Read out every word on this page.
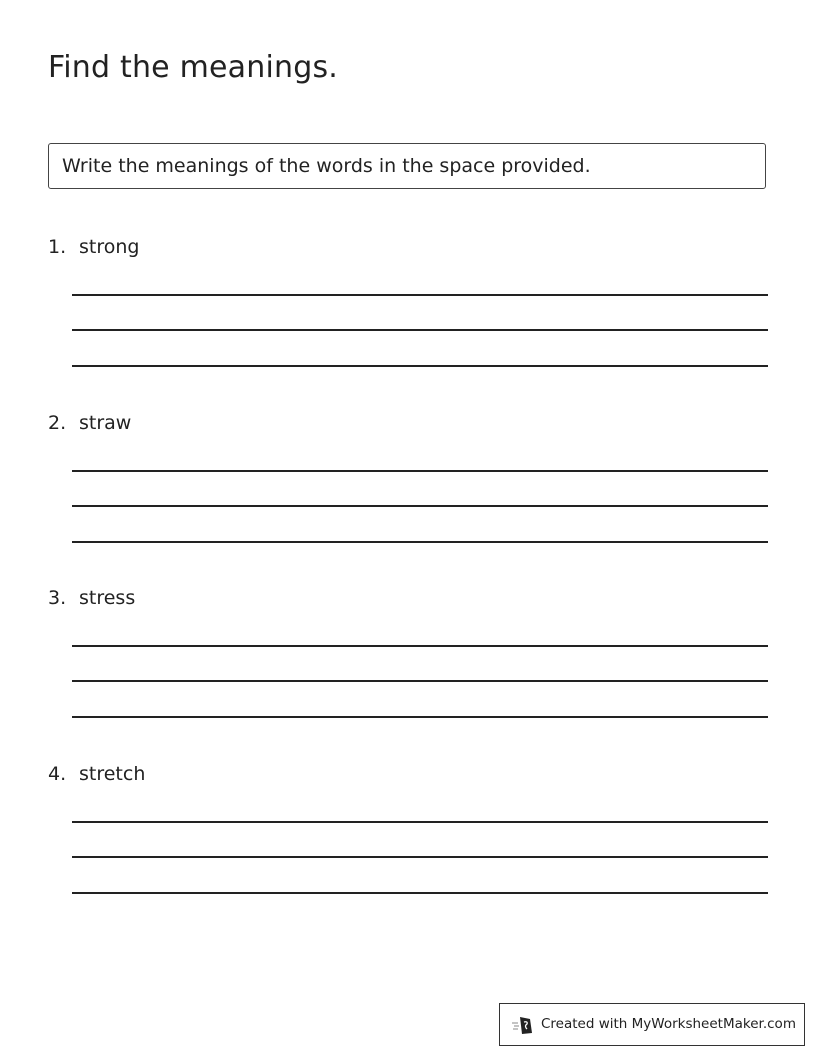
Find the meanings.
Write the meanings of the words in the space provided.
1. strong
2. straw
3. stress
4. stretch
Created with MyWorksheetMaker.com
